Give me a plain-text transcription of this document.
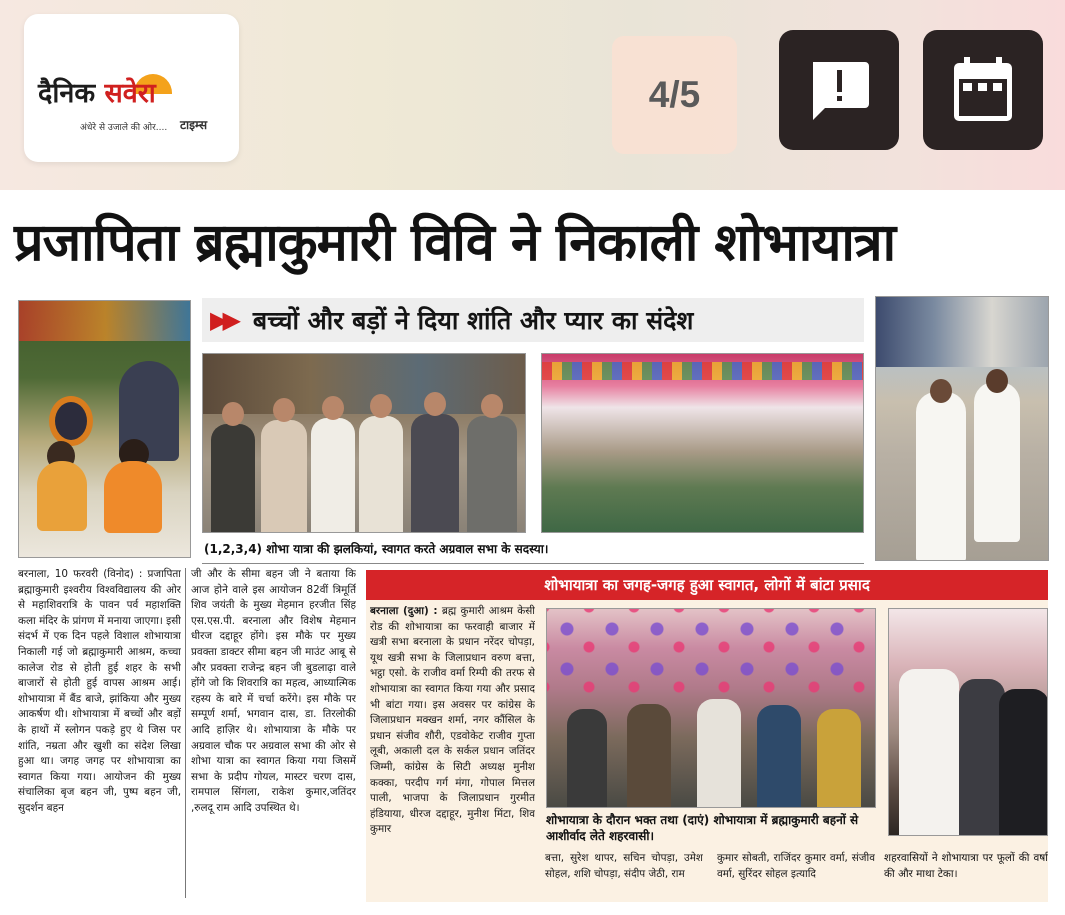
दैनिक सवेरा
अंधेरे से उजाले की ओर.... टाइम्स
4/5
प्रजापिता ब्रह्माकुमारी विवि ने निकाली शोभायात्रा
▶▶ बच्चों और बड़ों ने दिया शांति और प्यार का संदेश
(1,2,3,4) शोभा यात्रा की झलकियां, स्वागत करते अग्रवाल सभा के सदस्या।
बरनाला, 10 फरवरी (विनोद) : प्रजापिता ब्रह्माकुमारी इश्वरीय विश्वविद्यालय की ओर से महाशिवरात्रि के पावन पर्व महाशक्ति कला मंदिर के प्रांगण में मनाया जाएगा। इसी संदर्भ में एक दिन पहले विशाल शोभायात्रा निकाली गई जो ब्रह्माकुमारी आश्रम, कच्चा कालेज रोड से होती हुई शहर के सभी बाजारों से होती हुई वापस आश्रम आई। शोभायात्रा में बैंड बाजे, झांकिया और मुख्य आकर्षण थी। शोभायात्रा में बच्चों और बड़ों के हाथों में स्लोगन पकड़े हुए थे जिस पर शांति, नम्रता और खुशी का संदेश लिखा हुआ था। जगह जगह पर शोभायात्रा का स्वागत किया गया। आयोजन की मुख्य संचालिका बृज बहन जी, पुष्प बहन जी, सुदर्शन बहन
जी और के सीमा बहन जी ने बताया कि आज होने वाले इस आयोजन 82वीं त्रिमूर्ति शिव जयंती के मुख्य मेहमान हरजीत सिंह एस.एस.पी. बरनाला और विशेष मेहमान धीरज दद्दाहूर होंगे। इस मौके पर मुख्य प्रवक्ता डाक्टर सीमा बहन जी माउंट आबू से और प्रवक्ता राजेन्द्र बहन जी बुडलाढ़ा वाले होंगे जो कि शिवरात्रि का महत्व, आध्यात्मिक रहस्य के बारे में चर्चा करेंगे। इस मौके पर सम्पूर्ण शर्मा, भगवान दास, डा. तिरलोकी आदि हाज़िर थे। शोभायात्रा के मौके पर अग्रवाल चौक पर अग्रवाल सभा की ओर से शोभा यात्रा का स्वागत किया गया जिसमें सभा के प्रदीप गोयल, मास्टर चरण दास, रामपाल सिंगला, राकेश कुमार,जतिंदर ,रुलदू राम आदि उपस्थित थे।
शोभायात्रा का जगह-जगह हुआ स्वागत, लोगों में बांटा प्रसाद
बरनाला (दुआ) : ब्रह्म कुमारी आश्रम केसी रोड की शोभायात्रा का फरवाही बाजार में खत्री सभा बरनाला के प्रधान नरेंदर चोपड़ा, यूथ खत्री सभा के जिलाप्रधान वरुण बत्ता, भट्ठा एसो. के राजीव वर्मा रिम्पी की तरफ से शोभायात्रा का स्वागत किया गया और प्रसाद भी बांटा गया। इस अवसर पर कांग्रेस के जिलाप्रधान मक्खन शर्मा, नगर कौंसिल के प्रधान संजीव शौरी, एडवोकेट राजीव गुप्ता लूबी, अकाली दल के सर्कल प्रधान जतिंदर जिम्मी, कांग्रेस के सिटी अध्यक्ष मुनीश कक्का, परदीप गर्ग मंगा, गोपाल मित्तल पाली, भाजपा के जिलाप्रधान गुरमीत हंडियाया, धीरज दद्दाहूर, मुनीश मिंटा, शिव कुमार
शोभायात्रा के दौरान भक्त तथा (दाएं) शोभायात्रा में ब्रह्माकुमारी बहनों से आशीर्वाद लेते शहरवासी।
बत्ता, सुरेश थापर, सचिन चोपड़ा, उमेश सोहल, शशि चोपड़ा, संदीप जेठी, राम
कुमार सोबती, राजिंदर कुमार वर्मा, संजीव वर्मा, सुरिंदर सोहल इत्यादि
शहरवासियों ने शोभायात्रा पर फूलों की वर्षा की और माथा टेका।
